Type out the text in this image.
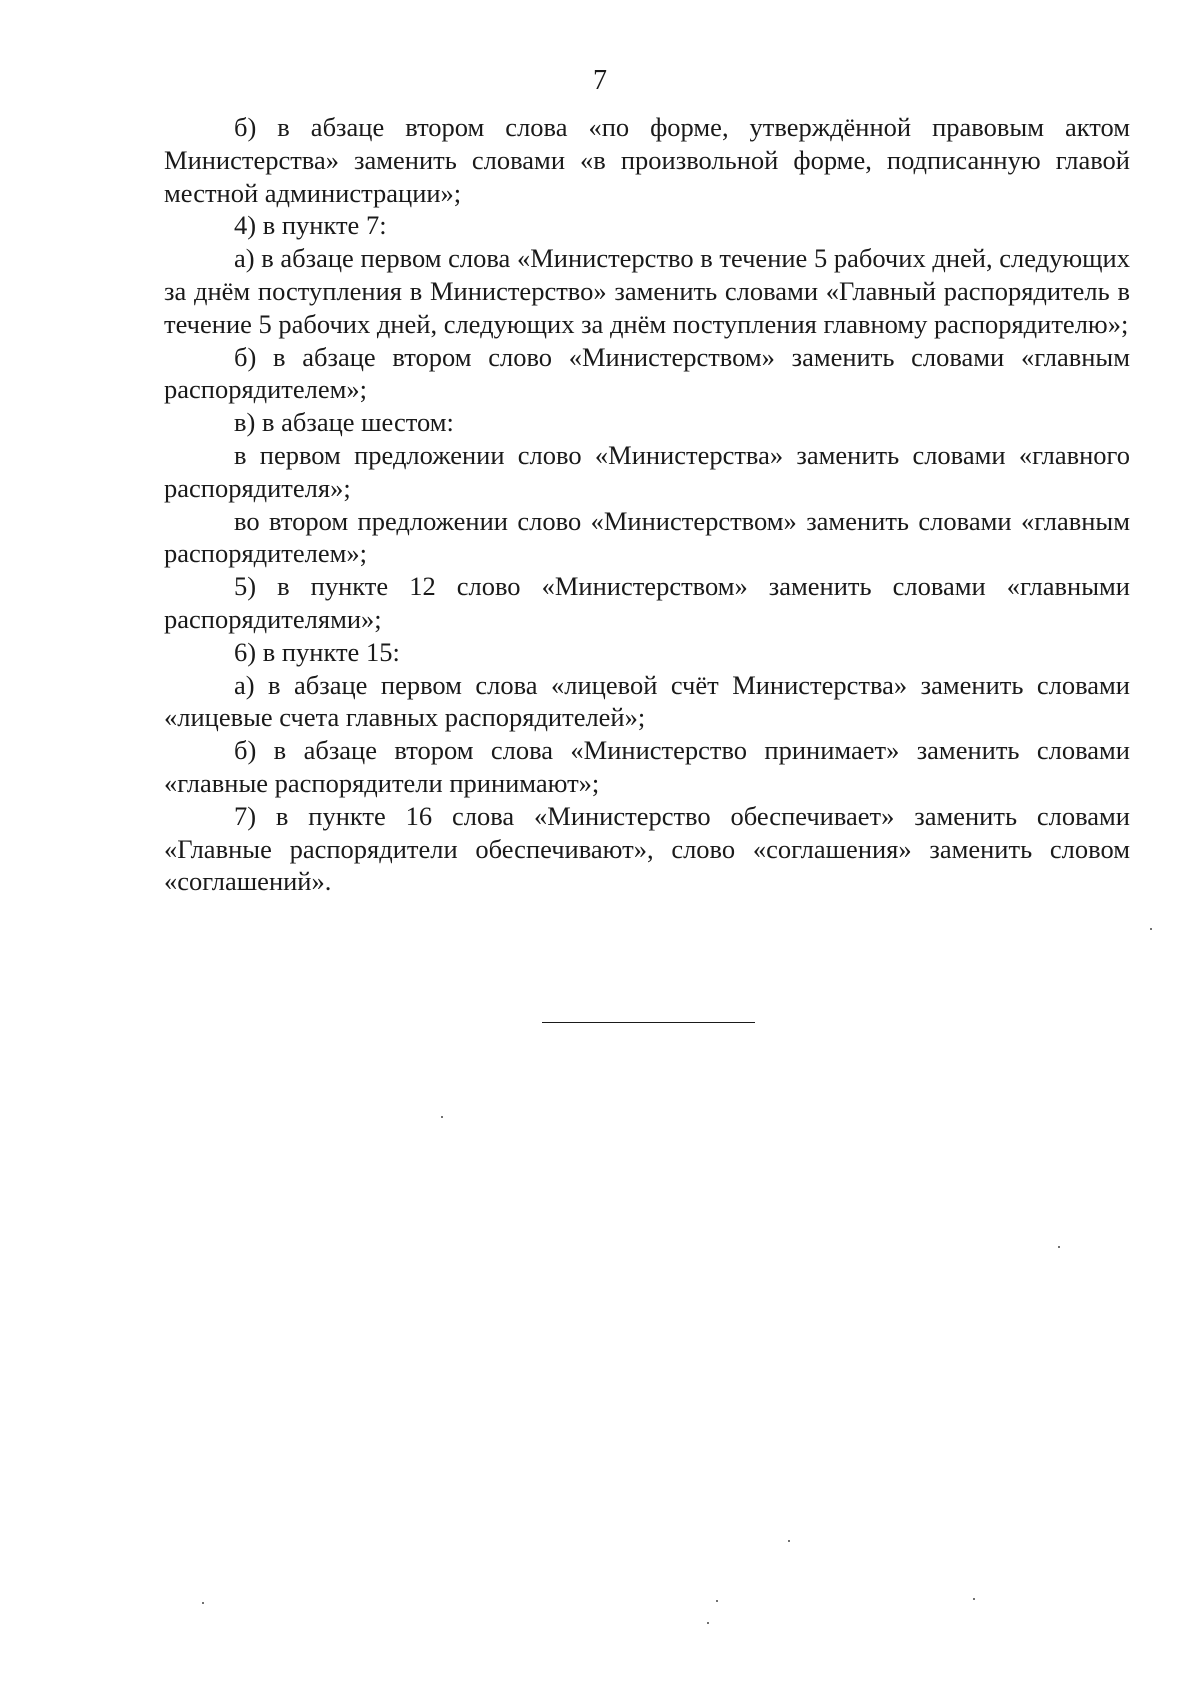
7

б) в абзаце втором слова «по форме, утверждённой правовым актом Министерства» заменить словами «в произвольной форме, подписанную главой местной администрации»;

4) в пункте 7:

а) в абзаце первом слова «Министерство в течение 5 рабочих дней, следующих за днём поступления в Министерство» заменить словами «Главный распорядитель в течение 5 рабочих дней, следующих за днём поступления главному распорядителю»;

б) в абзаце втором слово «Министерством» заменить словами «главным распорядителем»;

в) в абзаце шестом:

в первом предложении слово «Министерства» заменить словами «главного распорядителя»;

во втором предложении слово «Министерством» заменить словами «главным распорядителем»;

5) в пункте 12 слово «Министерством» заменить словами «главными распорядителями»;

6) в пункте 15:

а) в абзаце первом слова «лицевой счёт Министерства» заменить словами «лицевые счета главных распорядителей»;

б) в абзаце втором слова «Министерство принимает» заменить словами «главные распорядители принимают»;

7) в пункте 16 слова «Министерство обеспечивает» заменить словами «Главные распорядители обеспечивают», слово «соглашения» заменить словом «соглашений».
